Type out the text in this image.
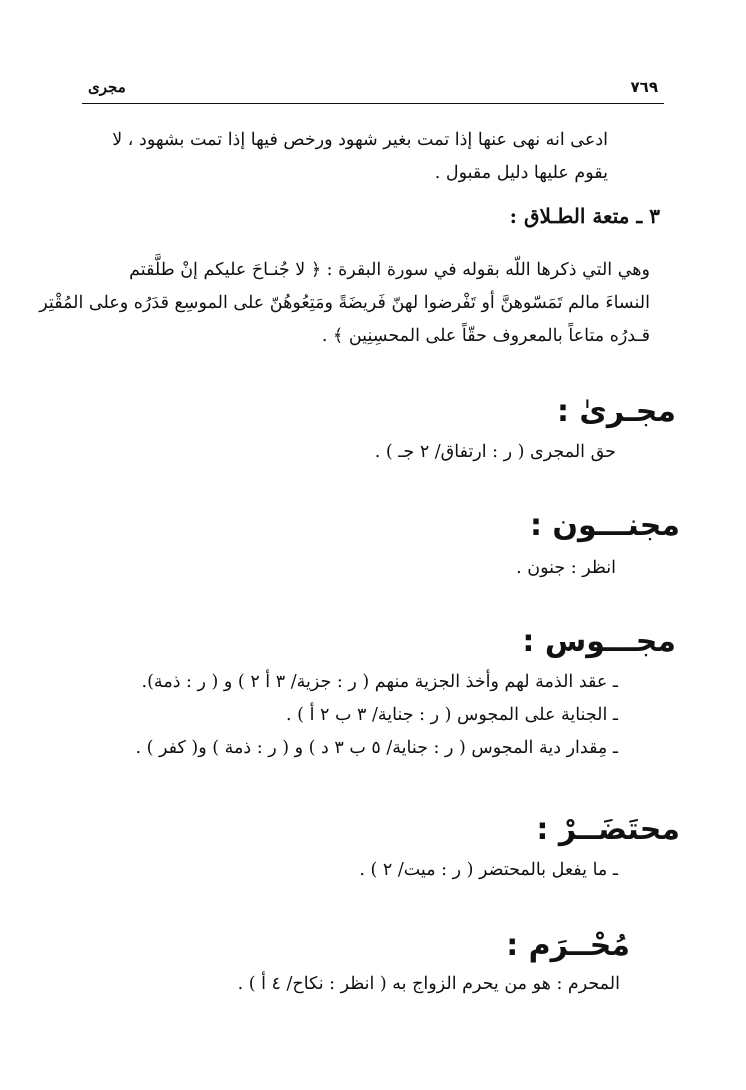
مجرى	٧٦٩
ادعى انه نهى عنها إذا تمت بغير شهود ورخص فيها إذا تمت بشهود ، لا
يقوم عليها دليل مقبول .
٣ ـ متعة الطـلاق :
وهي التي ذكرها اللّه بقوله في سورة البقرة : ﴿ لا جُنـاحَ عليكم إنْ طلَّقتم
النساءَ مالم تَمَسّوهنَّ أو تَفْرضوا لهنّ فَريضَةً ومَتِعُوهُنّ على الموسِع قدَرُه وعلى المُقْتِر
قـدرُه متاعاً بالمعروف حقّاً على المحسِنِين ﴾ .
مجـرىٰ :
حق المجرى ( ر : ارتفاق/ ٢ جـ ) .
مجنـــون :
انظر : جنون .
مجـــوس :
ـ عقد الذمة لهم وأخذ الجزية منهم ( ر : جزية/ ٣ أ ٢ ) و ( ر : ذمة).
ـ الجناية على المجوس ( ر : جناية/ ٣ ب ٢ أ ) .
ـ مِقدار دية المجوس ( ر : جناية/ ٥ ب ٣ د ) و ( ر : ذمة ) و( كفر ) .
محتَضَــرْ :
ـ ما يفعل بالمحتضر ( ر : ميت/ ٢ ) .
مُحْــرَم :
المحرم : هو من يحرم الزواج به ( انظر : نكاح/ ٤ أ ) .
